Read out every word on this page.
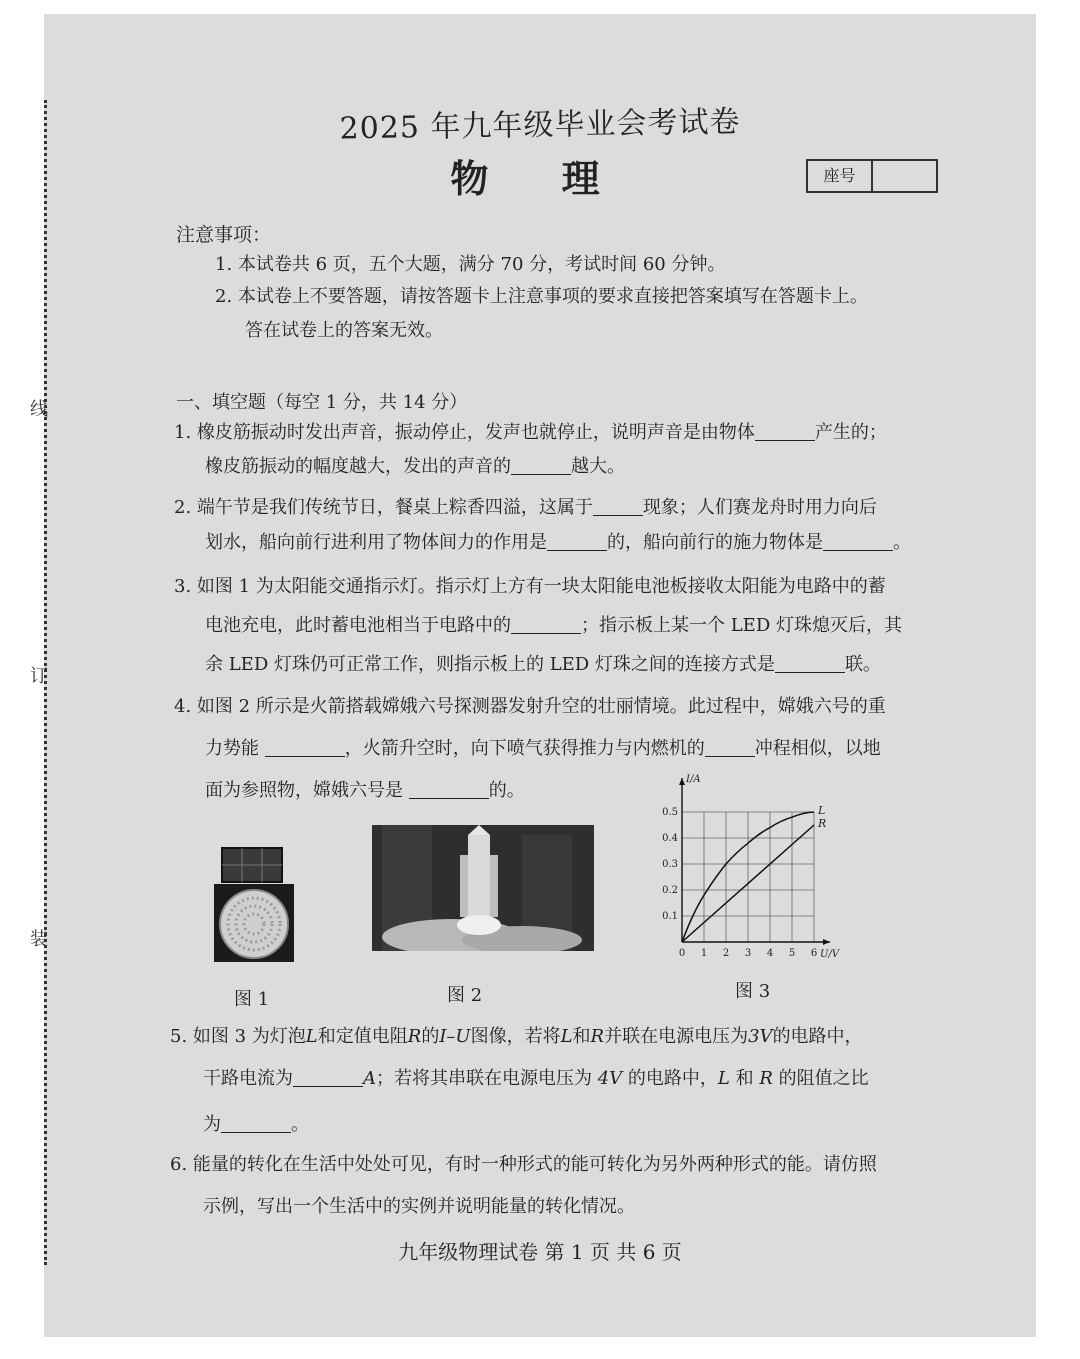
线
订
装
2025 年九年级毕业会考试卷
物 理	座号
注意事项：
1. 本试卷共 6 页，五个大题，满分 70 分，考试时间 60 分钟。
2. 本试卷上不要答题，请按答题卡上注意事项的要求直接把答案填写在答题卡上。
答在试卷上的答案无效。
一、填空题（每空 1 分，共 14 分）
1. 橡皮筋振动时发出声音，振动停止，发声也就停止，说明声音是由物体	产生的；
橡皮筋振动的幅度越大，发出的声音的	越大。
2. 端午节是我们传统节日，餐桌上粽香四溢，这属于	现象；人们赛龙舟时用力向后
划水，船向前行进利用了物体间力的作用是	的，船向前行的施力物体是	。
3. 如图 1 为太阳能交通指示灯。指示灯上方有一块太阳能电池板接收太阳能为电路中的蓄
电池充电，此时蓄电池相当于电路中的	；指示板上某一个 LED 灯珠熄灭后，其
余 LED 灯珠仍可正常工作，则指示板上的 LED 灯珠之间的连接方式是	联。
4. 如图 2 所示是火箭搭载嫦娥六号探测器发射升空的壮丽情境。此过程中，嫦娥六号的重
力势能	，火箭升空时，向下喷气获得推力与内燃机的	冲程相似，以地
面为参照物，嫦娥六号是	的。
图 1	图 2
0 1 2 3 4 5 6
0.1
0.2
0.3
0.4
0.5
U/V
I/A
L
R
图 3
5. 如图 3 为灯泡L和定值电阻R的I–U图像，若将L和R并联在电源电压为3V的电路中，
干路电流为	A；若将其串联在电源电压为 4V 的电路中，L 和 R 的阻值之比
为	。
6. 能量的转化在生活中处处可见，有时一种形式的能可转化为另外两种形式的能。请仿照
示例，写出一个生活中的实例并说明能量的转化情况。
九年级物理试卷 第 1 页 共 6 页
